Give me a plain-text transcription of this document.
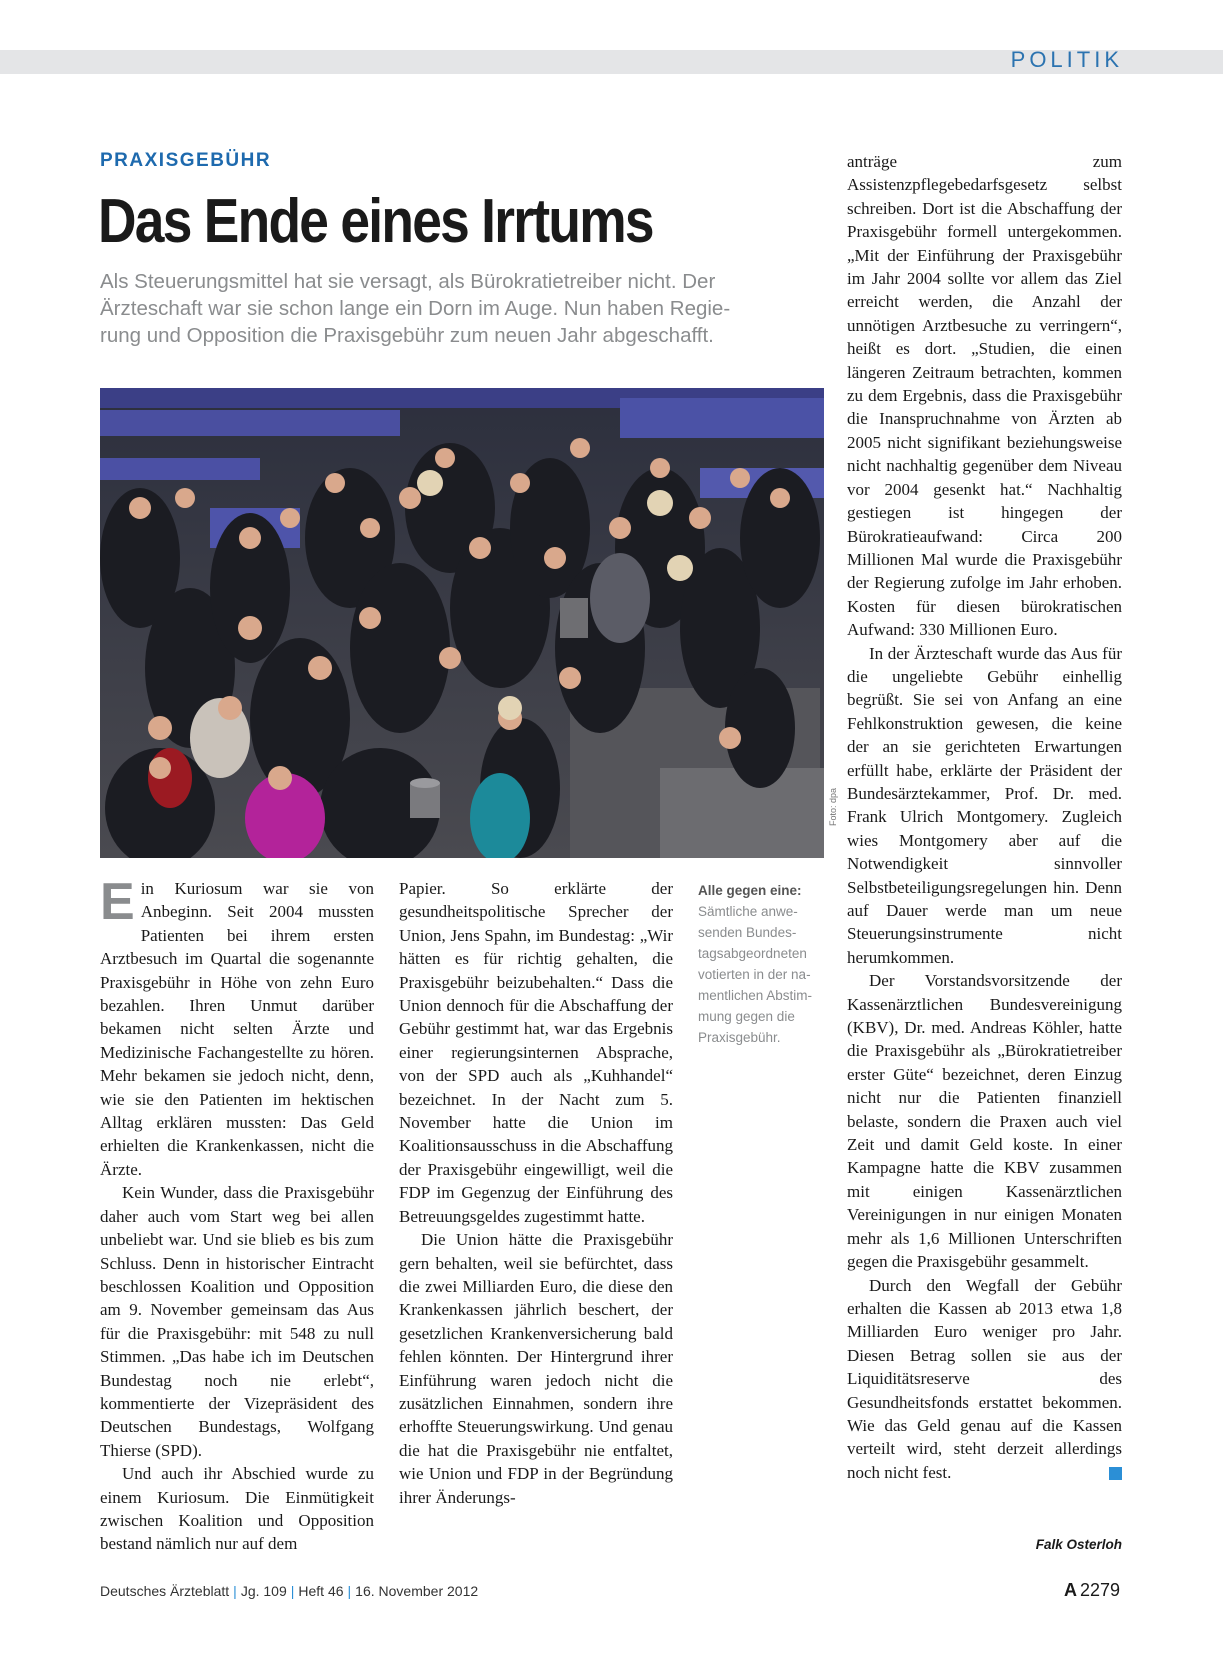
POLITIK
PRAXISGEBÜHR
Das Ende eines Irrtums
Als Steuerungsmittel hat sie versagt, als Bürokratietreiber nicht. Der
Ärzteschaft war sie schon lange ein Dorn im Auge. Nun haben Regie-
rung und Opposition die Praxisgebühr zum neuen Jahr abgeschafft.
Foto: dpa

Ein Kuriosum war sie von Anbeginn. Seit 2004 mussten Patienten bei ihrem ersten Arztbesuch im Quartal die sogenannte Praxisgebühr in Höhe von zehn Euro bezahlen. Ihren Unmut darüber bekamen nicht selten Ärzte und Medizinische Fachangestellte zu hören. Mehr bekamen sie jedoch nicht, denn, wie sie den Patienten im hektischen Alltag erklären mussten: Das Geld erhielten die Krankenkassen, nicht die Ärzte.

Kein Wunder, dass die Praxisgebühr daher auch vom Start weg bei allen unbeliebt war. Und sie blieb es bis zum Schluss. Denn in historischer Eintracht beschlossen Koalition und Opposition am 9. November gemeinsam das Aus für die Praxisgebühr: mit 548 zu null Stimmen. „Das habe ich im Deutschen Bundestag noch nie erlebt“, kommentierte der Vizepräsident des Deutschen Bundestags, Wolfgang Thierse (SPD).

Und auch ihr Abschied wurde zu einem Kuriosum. Die Einmütigkeit zwischen Koalition und Opposition bestand nämlich nur auf dem

Papier. So erklärte der gesundheitspolitische Sprecher der Union, Jens Spahn, im Bundestag: „Wir hätten es für richtig gehalten, die Praxisgebühr beizubehalten.“ Dass die Union dennoch für die Abschaffung der Gebühr gestimmt hat, war das Ergebnis einer regierungsinternen Absprache, von der SPD auch als „Kuhhandel“ bezeichnet. In der Nacht zum 5. November hatte die Union im Koalitionsausschuss in die Abschaffung der Praxisgebühr eingewilligt, weil die FDP im Gegenzug der Einführung des Betreuungsgeldes zugestimmt hatte.

Die Union hätte die Praxisgebühr gern behalten, weil sie befürchtet, dass die zwei Milliarden Euro, die diese den Krankenkassen jährlich beschert, der gesetzlichen Krankenversicherung bald fehlen könnten. Der Hintergrund ihrer Einführung waren jedoch nicht die zusätzlichen Einnahmen, sondern ihre erhoffte Steuerungswirkung. Und genau die hat die Praxisgebühr nie entfaltet, wie Union und FDP in der Begründung ihrer Änderungs-

Alle gegen eine:
Sämtliche anwe-
senden Bundes-
tagsabgeordneten
votierten in der na-
mentlichen Abstim-
mung gegen die
Praxisgebühr.

anträge zum Assistenzpflegebedarfsgesetz selbst schreiben. Dort ist die Abschaffung der Praxisgebühr formell untergekommen. „Mit der Einführung der Praxisgebühr im Jahr 2004 sollte vor allem das Ziel erreicht werden, die Anzahl der unnötigen Arztbesuche zu verringern“, heißt es dort. „Studien, die einen längeren Zeitraum betrachten, kommen zu dem Ergebnis, dass die Praxisgebühr die Inanspruchnahme von Ärzten ab 2005 nicht signifikant beziehungsweise nicht nachhaltig gegenüber dem Niveau vor 2004 gesenkt hat.“ Nachhaltig gestiegen ist hingegen der Bürokratieaufwand: Circa 200 Millionen Mal wurde die Praxisgebühr der Regierung zufolge im Jahr erhoben. Kosten für diesen bürokratischen Aufwand: 330 Millionen Euro.

In der Ärzteschaft wurde das Aus für die ungeliebte Gebühr einhellig begrüßt. Sie sei von Anfang an eine Fehlkonstruktion gewesen, die keine der an sie gerichteten Erwartungen erfüllt habe, erklärte der Präsident der Bundesärztekammer, Prof. Dr. med. Frank Ulrich Montgomery. Zugleich wies Montgomery aber auf die Notwendigkeit sinnvoller Selbstbeteiligungsregelungen hin. Denn auf Dauer werde man um neue Steuerungsinstrumente nicht herumkommen.

Der Vorstandsvorsitzende der Kassenärztlichen Bundesvereinigung (KBV), Dr. med. Andreas Köhler, hatte die Praxisgebühr als „Bürokratietreiber erster Güte“ bezeichnet, deren Einzug nicht nur die Patienten finanziell belaste, sondern die Praxen auch viel Zeit und damit Geld koste. In einer Kampagne hatte die KBV zusammen mit einigen Kassenärztlichen Vereinigungen in nur einigen Monaten mehr als 1,6 Millionen Unterschriften gegen die Praxisgebühr gesammelt.

Durch den Wegfall der Gebühr erhalten die Kassen ab 2013 etwa 1,8 Milliarden Euro weniger pro Jahr. Diesen Betrag sollen sie aus der Liquiditätsreserve des Gesundheitsfonds erstattet bekommen. Wie das Geld genau auf die Kassen verteilt wird, steht derzeit allerdings noch nicht fest.

Falk Osterloh
Deutsches Ärzteblatt | Jg. 109 | Heft 46 | 16. November 2012	A 2279
